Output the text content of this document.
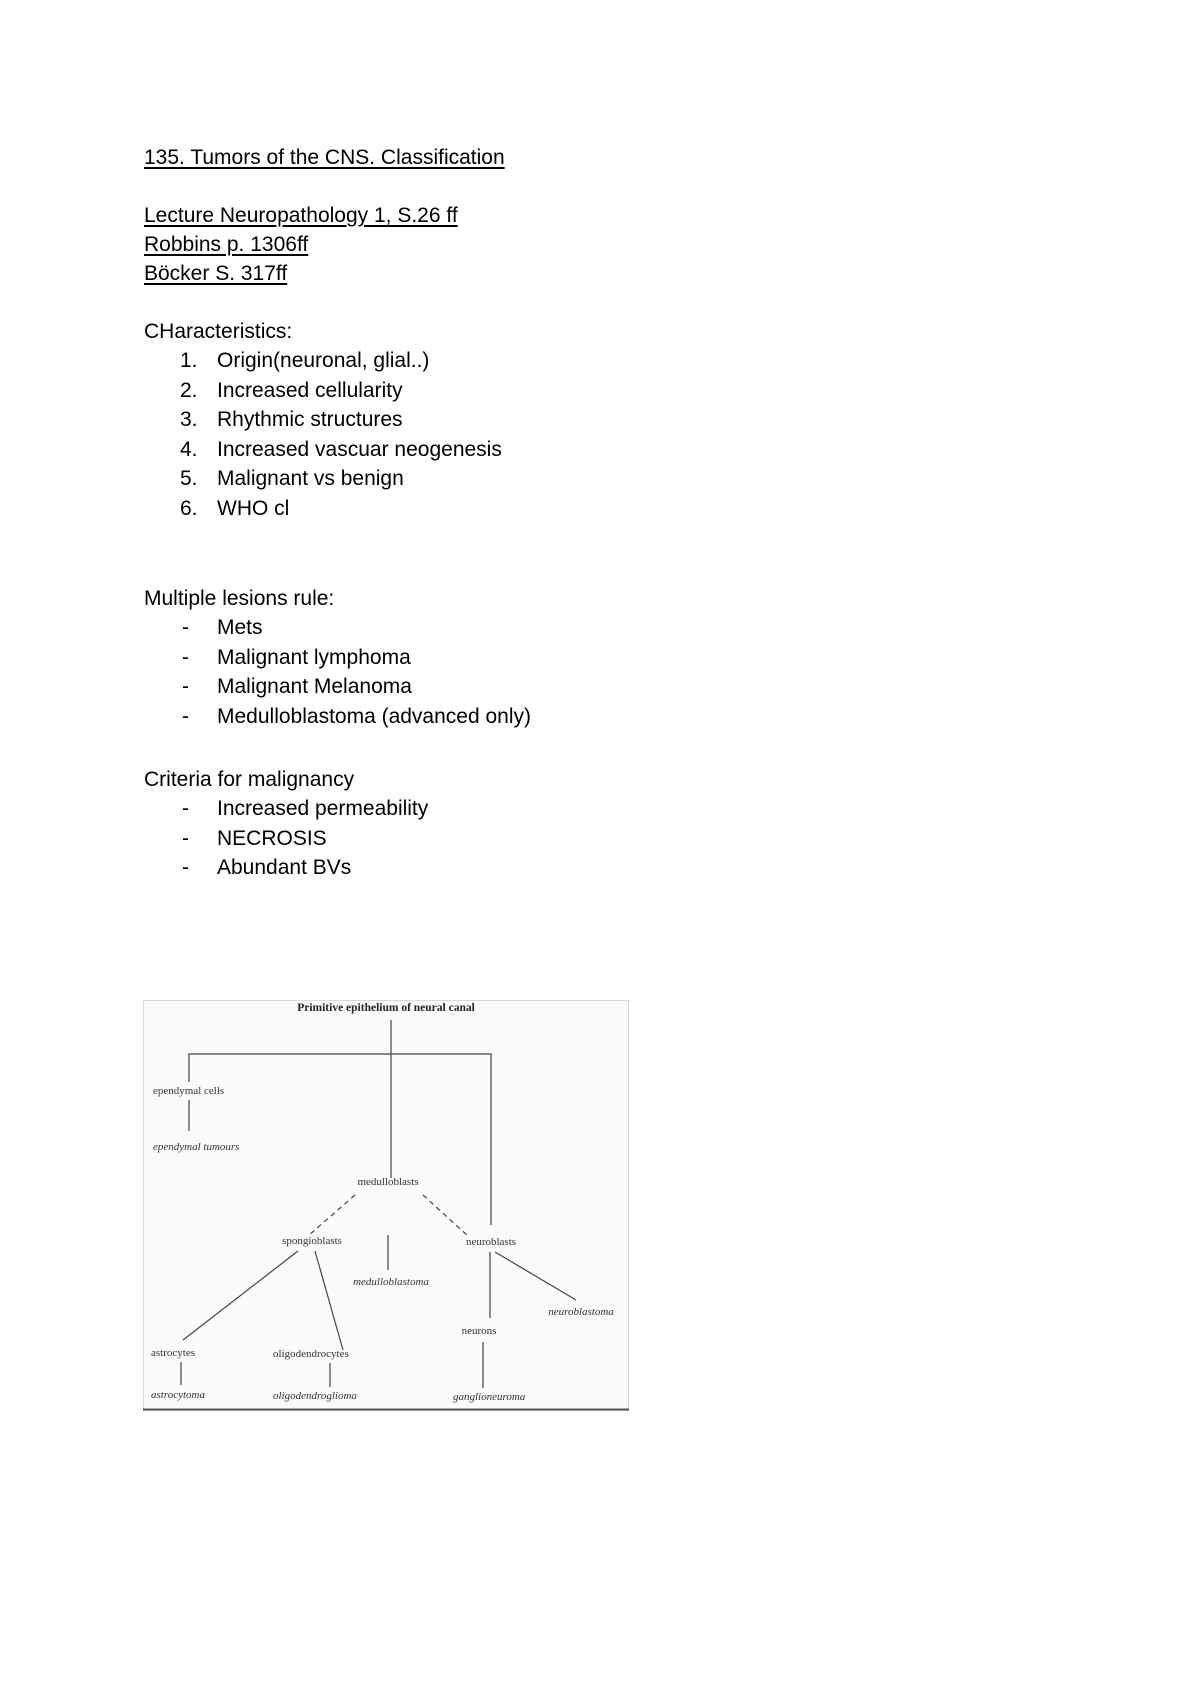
135. Tumors of the CNS. Classification
Lecture Neuropathology 1, S.26 ff
Robbins p. 1306ff
Böcker S. 317ff
CHaracteristics:
1. Origin(neuronal, glial..)
2. Increased cellularity
3. Rhythmic structures
4. Increased vascuar neogenesis
5. Malignant vs benign
6. WHO cl
Multiple lesions rule:
- Mets
- Malignant lymphoma
- Malignant Melanoma
- Medulloblastoma (advanced only)
Criteria for malignancy
- Increased permeability
- NECROSIS
- Abundant BVs
Primitive epithelium of neural canal
ependymal cells
ependymal tumours
medulloblasts
medulloblastoma
spongioblasts	neuroblasts
neuroblastoma
neurons
astrocytes	oligodendrocytes
astrocytoma	oligodendroglioma	ganglioneuroma
